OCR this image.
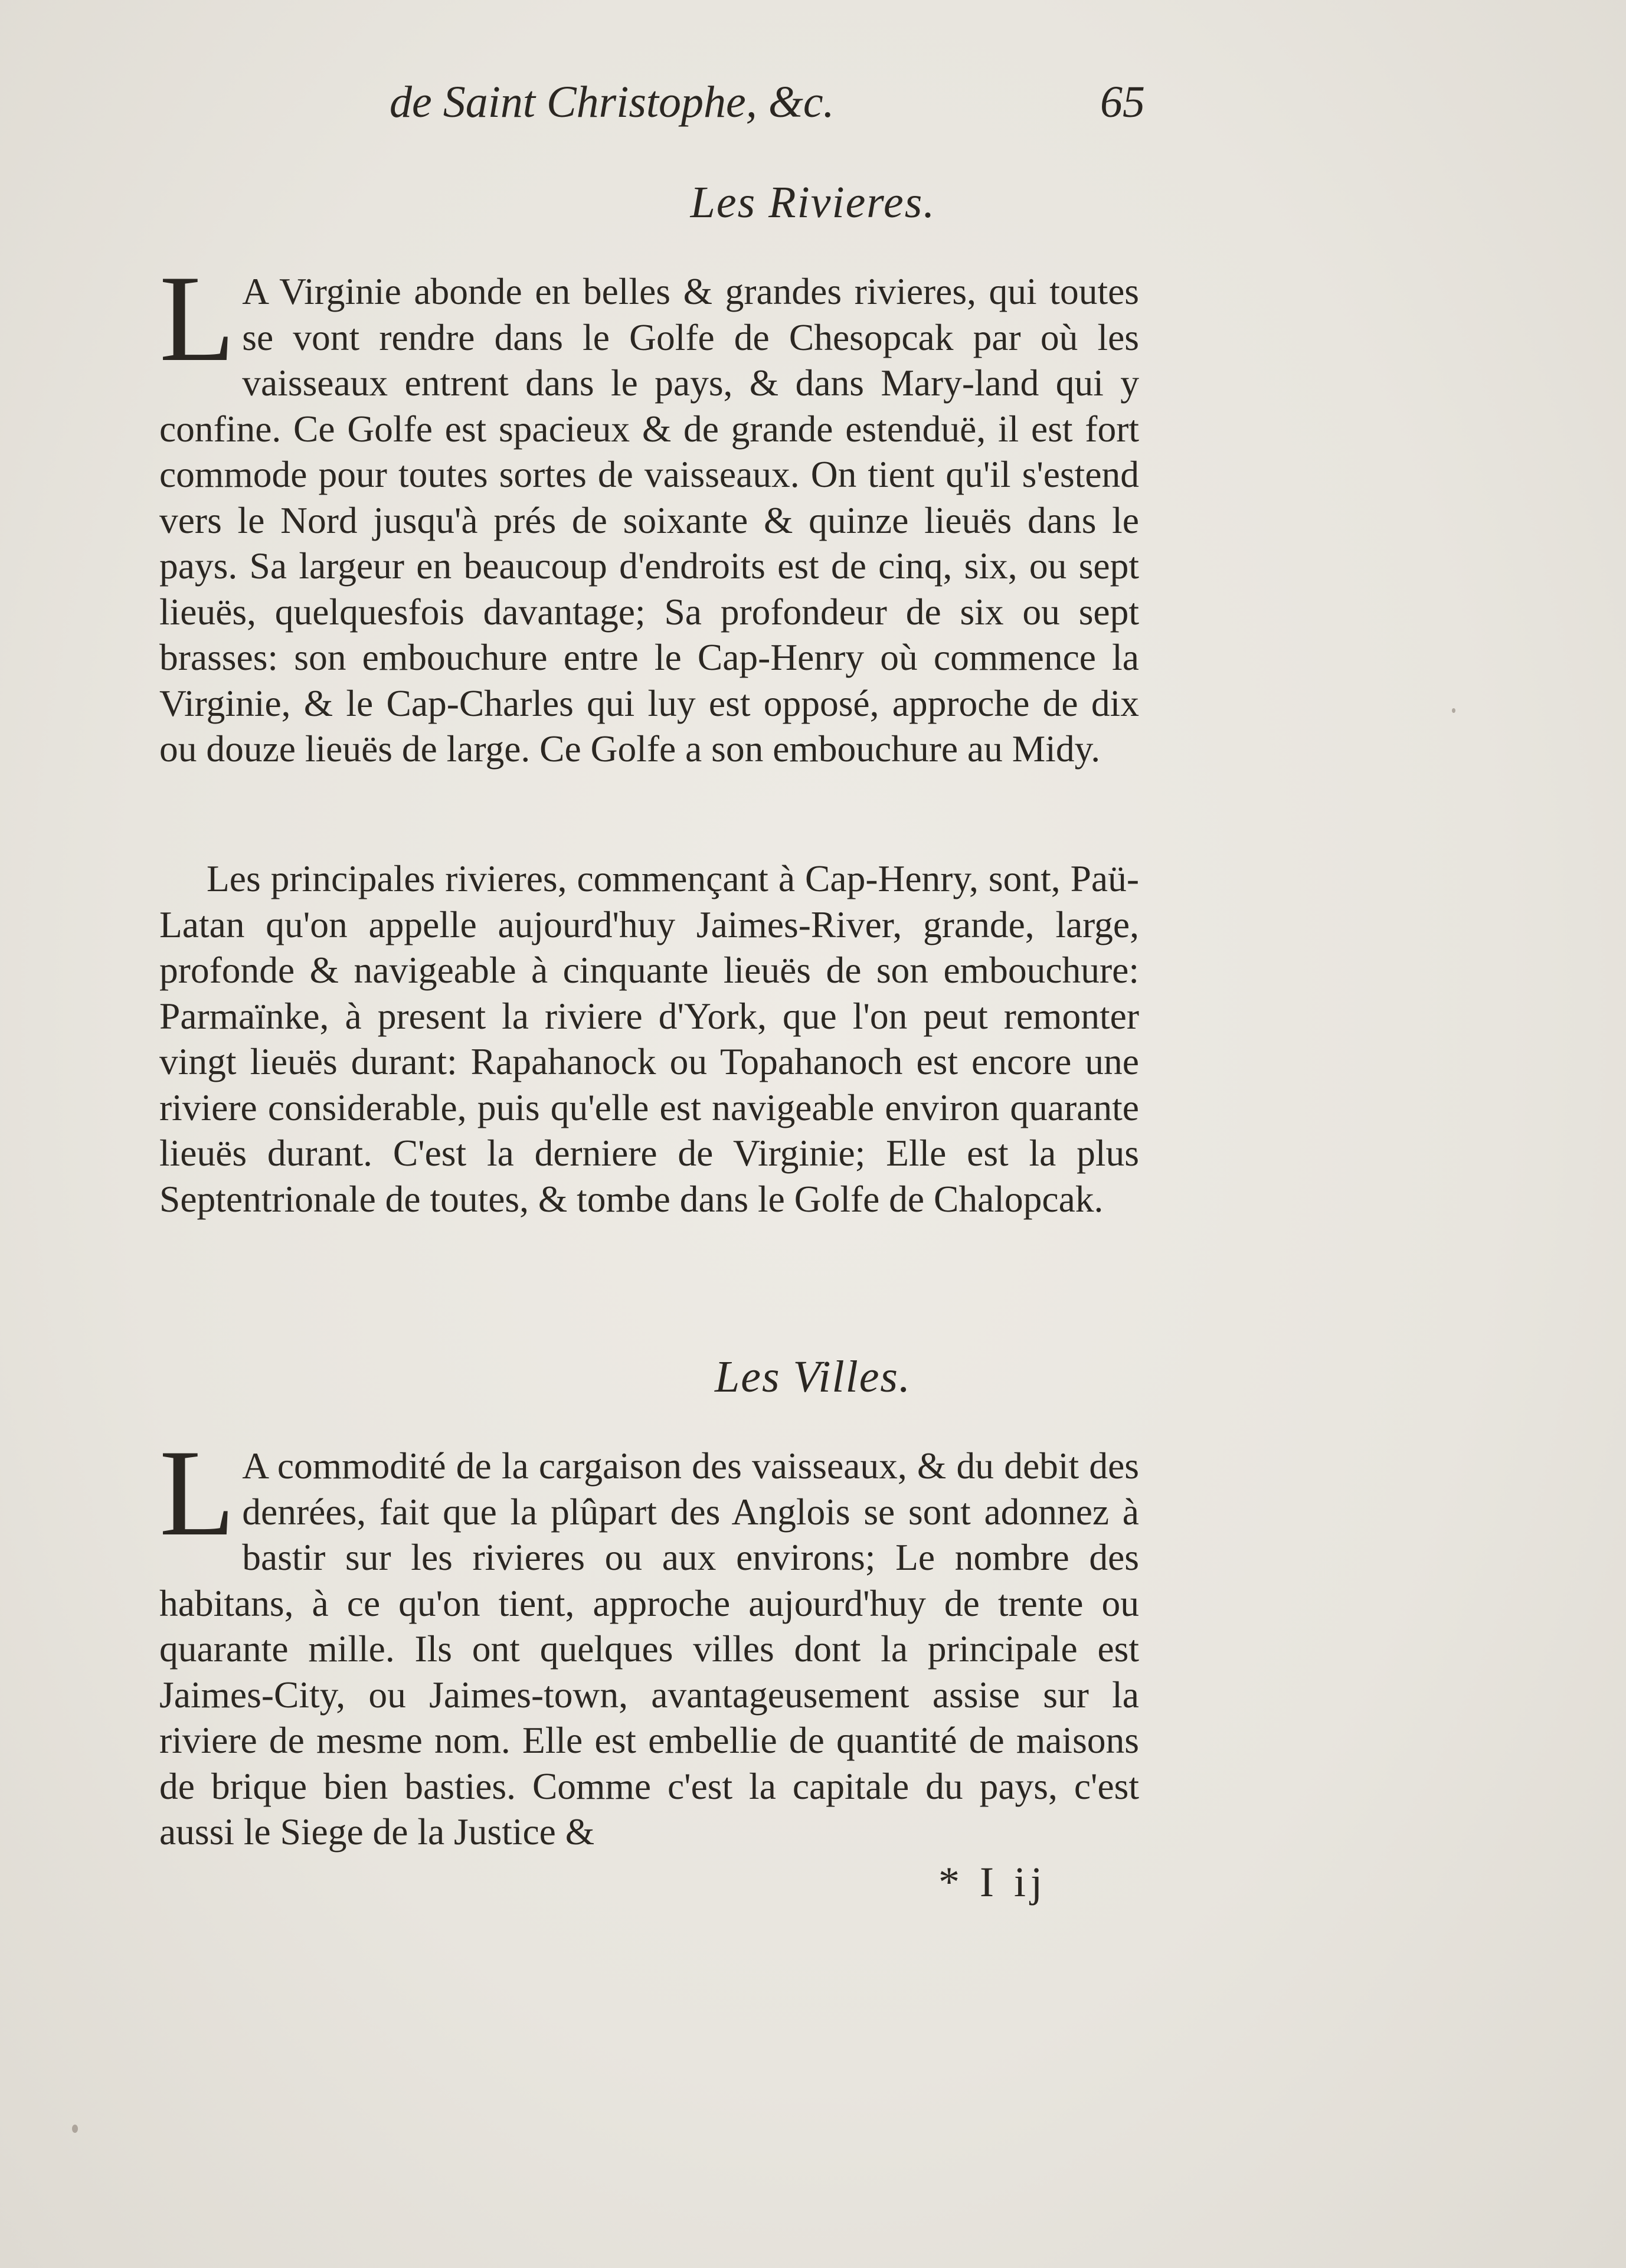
de Saint Christophe, &c.	65
Les Rivieres.

L A Virginie abonde en belles & grandes rivieres, qui toutes se vont rendre dans le Golfe de Chesopcak par où les vaisseaux entrent dans le pays, & dans Mary-land qui y confine. Ce Golfe est spacieux & de grande estenduë, il est fort commode pour toutes sortes de vaisseaux. On tient qu'il s'estend vers le Nord jusqu'à prés de soixante & quinze lieuës dans le pays. Sa largeur en beaucoup d'endroits est de cinq, six, ou sept lieuës, quelquesfois davantage; Sa profondeur de six ou sept brasses: son embouchure entre le Cap-Henry où commence la Virginie, & le Cap-Charles qui luy est opposé, approche de dix ou douze lieuës de large. Ce Golfe a son embouchure au Midy.

Les principales rivieres, commençant à Cap-Henry, sont, Paü-Latan qu'on appelle aujourd'huy Jaimes-River, grande, large, profonde & navigeable à cinquante lieuës de son embouchure: Parmaïnke, à present la riviere d'York, que l'on peut remonter vingt lieuës durant: Rapahanock ou Topahanoch est encore une riviere considerable, puis qu'elle est navigeable environ quarante lieuës durant. C'est la derniere de Virginie; Elle est la plus Septentrionale de toutes, & tombe dans le Golfe de Chalopcak.

Les Villes.

L A commodité de la cargaison des vaisseaux, & du debit des denrées, fait que la plûpart des Anglois se sont adonnez à bastir sur les rivieres ou aux environs; Le nombre des habitans, à ce qu'on tient, approche aujourd'huy de trente ou quarante mille. Ils ont quelques villes dont la principale est Jaimes-City, ou Jaimes-town, avantageusement assise sur la riviere de mesme nom. Elle est embellie de quantité de maisons de brique bien basties. Comme c'est la capitale du pays, c'est aussi le Siege de la Justice &

* I ij
